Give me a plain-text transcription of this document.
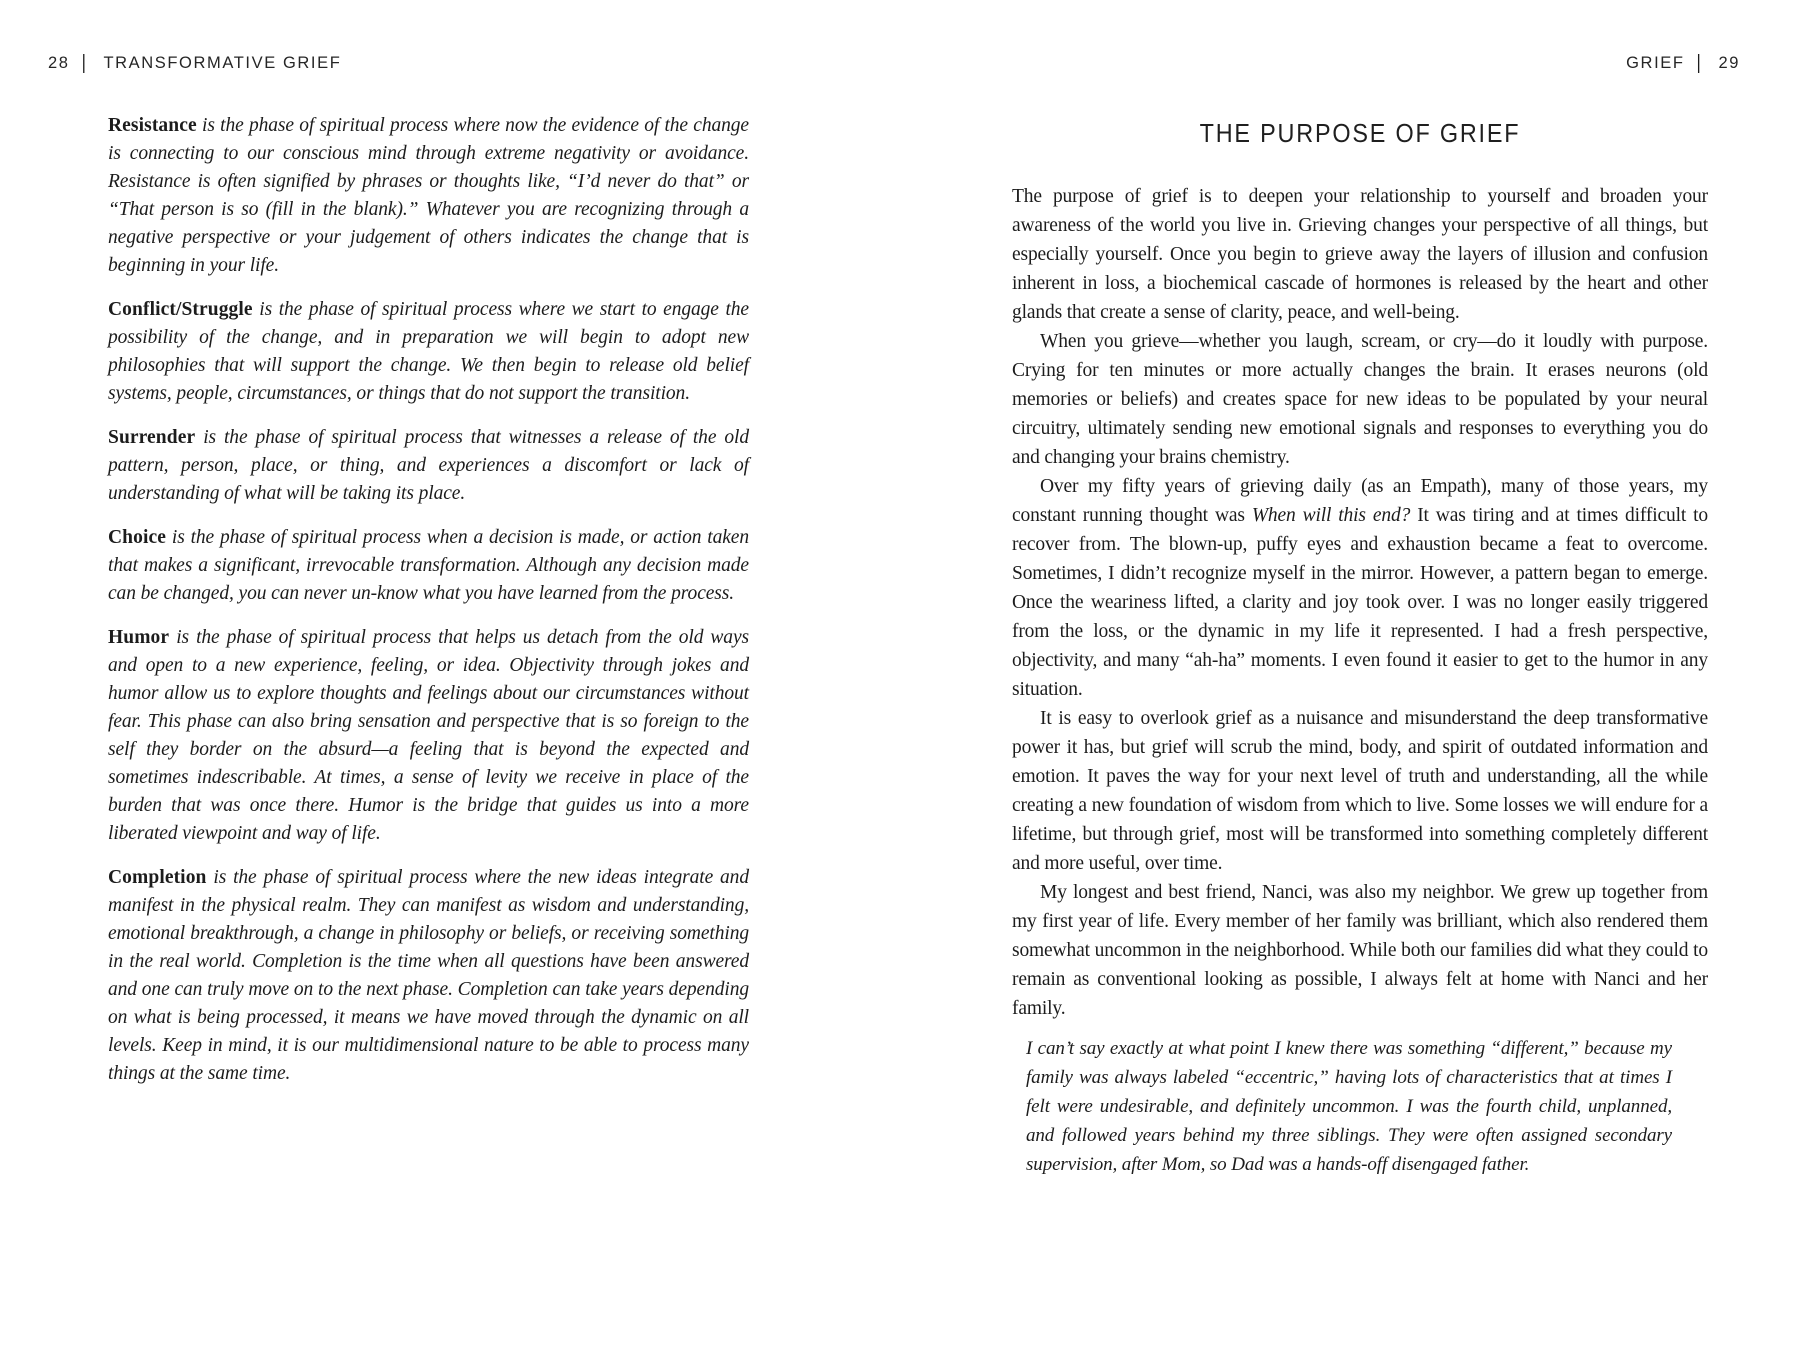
28 | TRANSFORMATIVE GRIEF	GRIEF | 29

Resistance is the phase of spiritual process where now the evidence of the change is connecting to our conscious mind through extreme negativity or avoidance. Resistance is often signified by phrases or thoughts like, “I’d never do that” or “That person is so (fill in the blank).” Whatever you are recognizing through a negative perspective or your judgement of others indicates the change that is beginning in your life.

Conflict/Struggle is the phase of spiritual process where we start to engage the possibility of the change, and in preparation we will begin to adopt new philosophies that will support the change. We then begin to release old belief systems, people, circumstances, or things that do not support the transition.

Surrender is the phase of spiritual process that witnesses a release of the old pattern, person, place, or thing, and experiences a discomfort or lack of understanding of what will be taking its place.

Choice is the phase of spiritual process when a decision is made, or action taken that makes a significant, irrevocable transformation. Although any decision made can be changed, you can never un-know what you have learned from the process.

Humor is the phase of spiritual process that helps us detach from the old ways and open to a new experience, feeling, or idea. Objectivity through jokes and humor allow us to explore thoughts and feelings about our circumstances without fear. This phase can also bring sensation and perspective that is so foreign to the self they border on the absurd—a feeling that is beyond the expected and sometimes indescribable. At times, a sense of levity we receive in place of the burden that was once there. Humor is the bridge that guides us into a more liberated viewpoint and way of life.

Completion is the phase of spiritual process where the new ideas integrate and manifest in the physical realm. They can manifest as wisdom and understanding, emotional breakthrough, a change in philosophy or beliefs, or receiving something in the real world. Completion is the time when all questions have been answered and one can truly move on to the next phase. Completion can take years depending on what is being processed, it means we have moved through the dynamic on all levels. Keep in mind, it is our multidimensional nature to be able to process many things at the same time.

THE PURPOSE OF GRIEF

The purpose of grief is to deepen your relationship to yourself and broaden your awareness of the world you live in. Grieving changes your perspective of all things, but especially yourself. Once you begin to grieve away the layers of illusion and confusion inherent in loss, a biochemical cascade of hormones is released by the heart and other glands that create a sense of clarity, peace, and well-being.

When you grieve—whether you laugh, scream, or cry—do it loudly with purpose. Crying for ten minutes or more actually changes the brain. It erases neurons (old memories or beliefs) and creates space for new ideas to be populated by your neural circuitry, ultimately sending new emotional signals and responses to everything you do and changing your brains chemistry.

Over my fifty years of grieving daily (as an Empath), many of those years, my constant running thought was When will this end? It was tiring and at times difficult to recover from. The blown-up, puffy eyes and exhaustion became a feat to overcome. Sometimes, I didn’t recognize myself in the mirror. However, a pattern began to emerge. Once the weariness lifted, a clarity and joy took over. I was no longer easily triggered from the loss, or the dynamic in my life it represented. I had a fresh perspective, objectivity, and many “ah-ha” moments. I even found it easier to get to the humor in any situation.

It is easy to overlook grief as a nuisance and misunderstand the deep transformative power it has, but grief will scrub the mind, body, and spirit of outdated information and emotion. It paves the way for your next level of truth and understanding, all the while creating a new foundation of wisdom from which to live. Some losses we will endure for a lifetime, but through grief, most will be transformed into something completely different and more useful, over time.

My longest and best friend, Nanci, was also my neighbor. We grew up together from my first year of life. Every member of her family was brilliant, which also rendered them somewhat uncommon in the neighborhood. While both our families did what they could to remain as conventional looking as possible, I always felt at home with Nanci and her family.

I can’t say exactly at what point I knew there was something “different,” because my family was always labeled “eccentric,” having lots of characteristics that at times I felt were undesirable, and definitely uncommon. I was the fourth child, unplanned, and followed years behind my three siblings. They were often assigned secondary supervision, after Mom, so Dad was a hands-off disengaged father.
